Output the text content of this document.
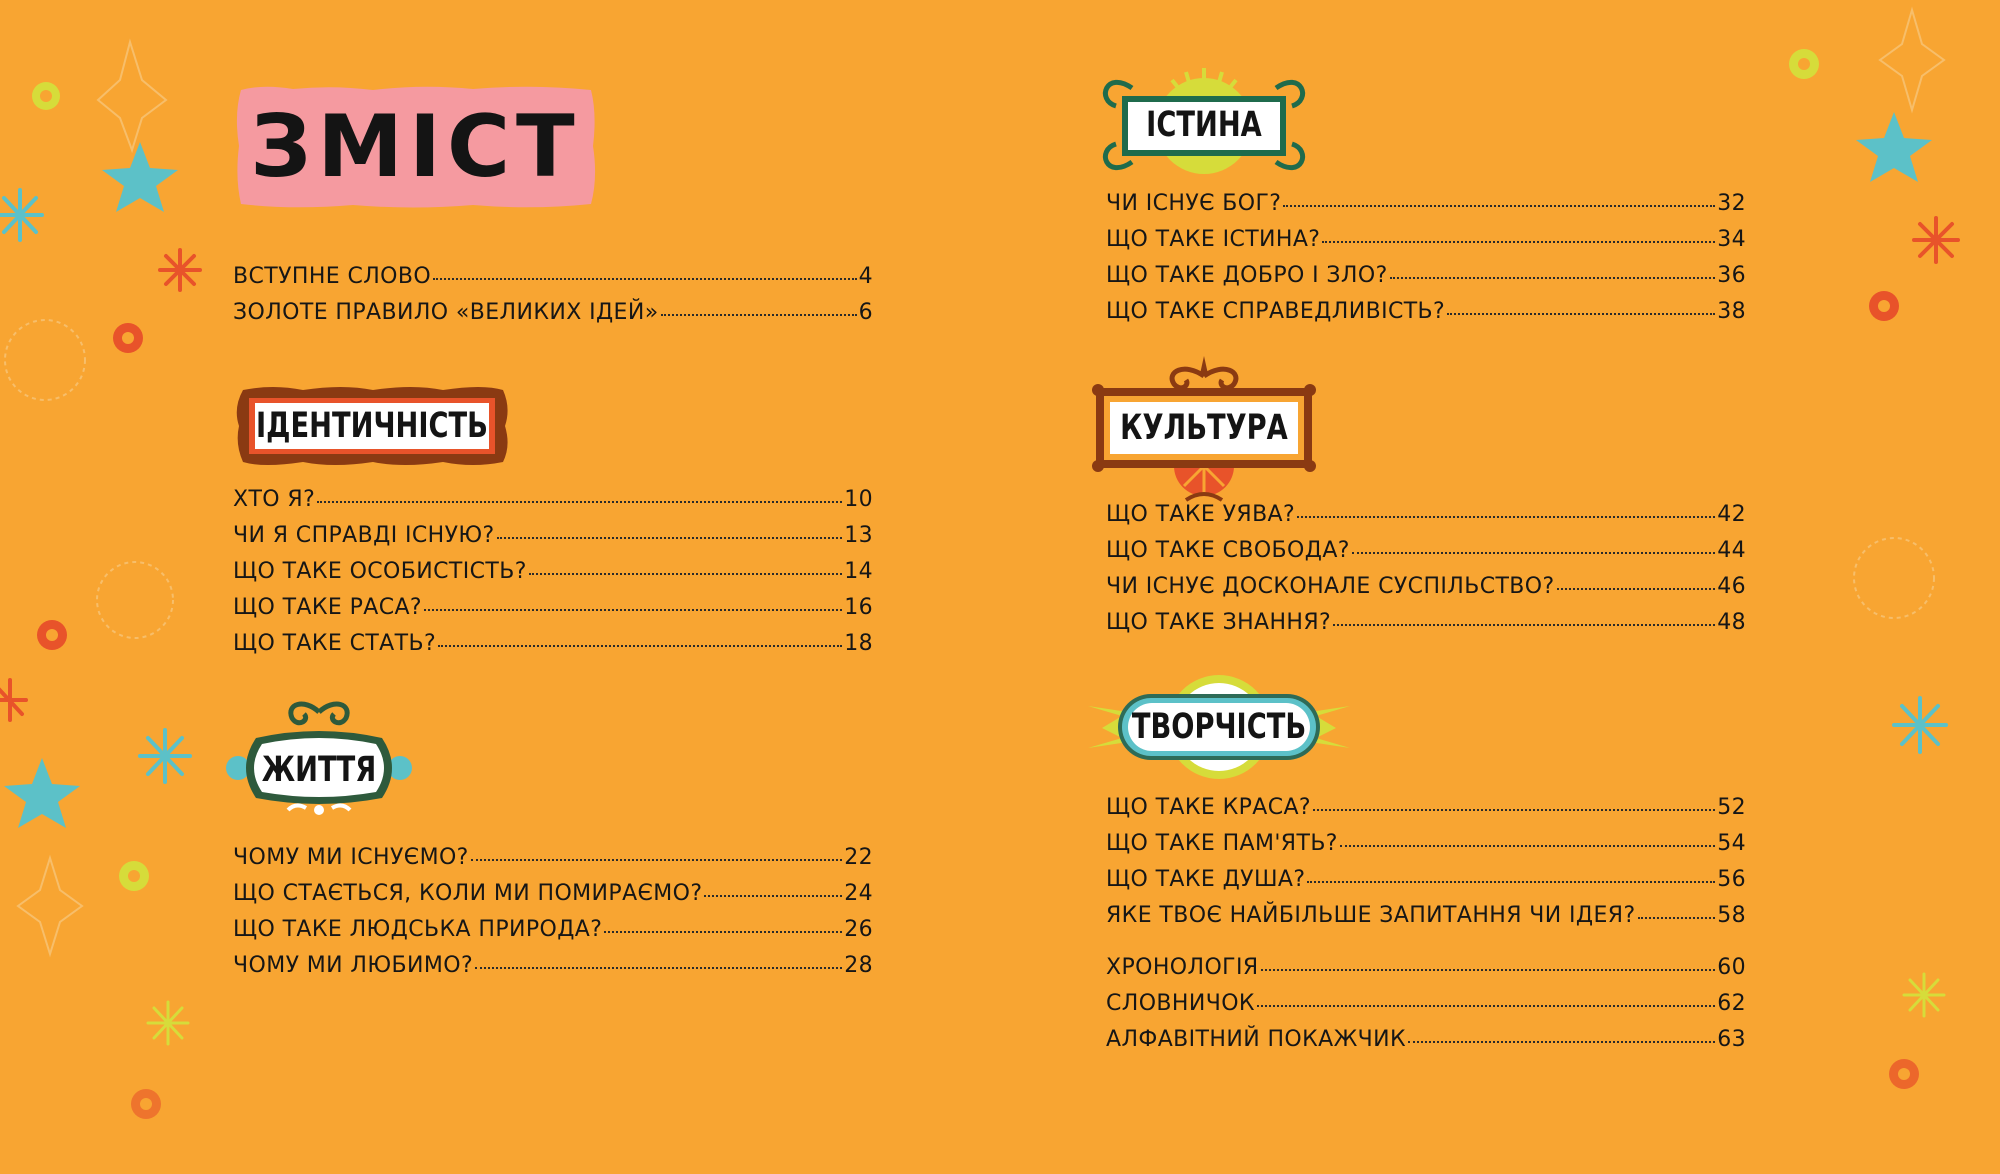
ЗМІСТ
ВСТУПНЕ СЛОВО	4
ЗОЛОТЕ ПРАВИЛО «ВЕЛИКИХ ІДЕЙ»	6
ІДЕНТИЧНІСТЬ
ХТО Я?	10
ЧИ Я СПРАВДІ ІСНУЮ?	13
ЩО ТАКЕ ОСОБИСТІСТЬ?	14
ЩО ТАКЕ РАСА?	16
ЩО ТАКЕ СТАТЬ?	18
ЖИТТЯ
ЧОМУ МИ ІСНУЄМО?	22
ЩО СТАЄТЬСЯ, КОЛИ МИ ПОМИРАЄМО?	24
ЩО ТАКЕ ЛЮДСЬКА ПРИРОДА?	26
ЧОМУ МИ ЛЮБИМО?	28
ІСТИНА
ЧИ ІСНУЄ БОГ?	32
ЩО ТАКЕ ІСТИНА?	34
ЩО ТАКЕ ДОБРО І ЗЛО?	36
ЩО ТАКЕ СПРАВЕДЛИВІСТЬ?	38
КУЛЬТУРА
ЩО ТАКЕ УЯВА?	42
ЩО ТАКЕ СВОБОДА?	44
ЧИ ІСНУЄ ДОСКОНАЛЕ СУСПІЛЬСТВО?	46
ЩО ТАКЕ ЗНАННЯ?	48
ТВОРЧІСТЬ
ЩО ТАКЕ КРАСА?	52
ЩО ТАКЕ ПАМ'ЯТЬ?	54
ЩО ТАКЕ ДУША?	56
ЯКЕ ТВОЄ НАЙБІЛЬШЕ ЗАПИТАННЯ ЧИ ІДЕЯ?	58
ХРОНОЛОГІЯ	60
СЛОВНИЧОК	62
АЛФАВІТНИЙ ПОКАЖЧИК	63
